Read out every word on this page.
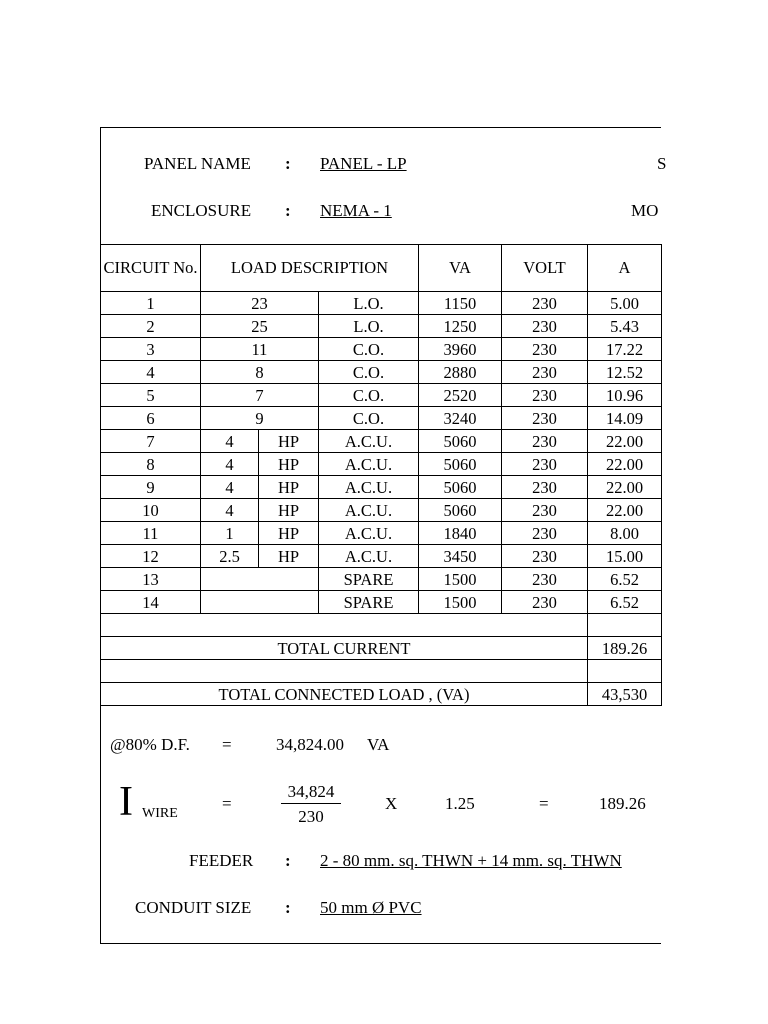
PANEL NAME : PANEL - LP	S
ENCLOSURE : NEMA - 1	MO
CIRCUIT No.	LOAD DESCRIPTION			VA	VOLT	A
1	23		L.O.	1150	230	5.00
2	25		L.O.	1250	230	5.43
3	11		C.O.	3960	230	17.22
4	8		C.O.	2880	230	12.52
5	7		C.O.	2520	230	10.96
6	9		C.O.	3240	230	14.09
7	4	HP	A.C.U.	5060	230	22.00
8	4	HP	A.C.U.	5060	230	22.00
9	4	HP	A.C.U.	5060	230	22.00
10	4	HP	A.C.U.	5060	230	22.00
11	1	HP	A.C.U.	1840	230	8.00
12	2.5	HP	A.C.U.	3450	230	15.00
13			SPARE	1500	230	6.52
14			SPARE	1500	230	6.52

TOTAL CURRENT						189.26

TOTAL CONNECTED LOAD , (VA)						43,530
@80% D.F. =	34,824.00 VA
I WIRE
=	$\frac{34,824}{230}$	X	1.25	=	189.26
FEEDER : 2 - 80 mm. sq. THWN + 14 mm. sq. THWN
CONDUIT SIZE : 50 mm Ø PVC
